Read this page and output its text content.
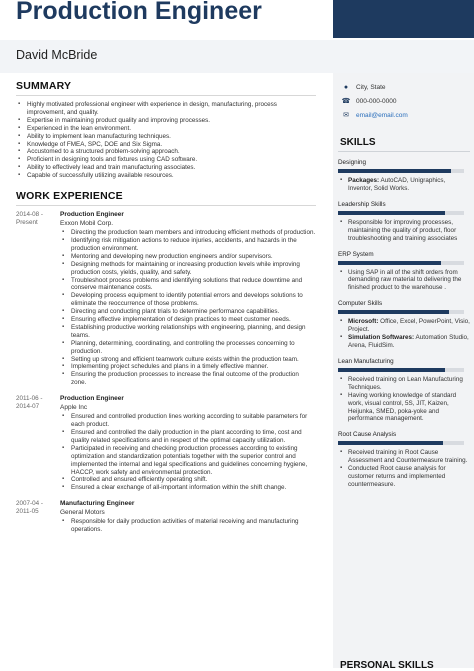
Production Engineer
David McBride
● City, State
☎ 000-000-0000
✉ email@email.com
SUMMARY
▪ Highly motivated professional engineer with experience in design, manufacturing, process improvement, and quality.
▪ Expertise in maintaining product quality and improving processes.
▪ Experienced in the lean environment.
▪ Ability to implement lean manufacturing techniques.
▪ Knowledge of FMEA, SPC, DOE and Six Sigma.
▪ Accustomed to a structured problem-solving approach.
▪ Proficient in designing tools and fixtures using CAD software.
▪ Ability to effectively lead and train manufacturing associates.
▪ Capable of successfully utilizing available resources.
WORK EXPERIENCE
2014-08 - Present
Production Engineer
Exxon Mobil Corp.
▪ Directing the production team members and introducing efficient methods of production.
▪ Identifying risk mitigation actions to reduce injuries, accidents, and hazards in the production environment.
▪ Mentoring and developing new production engineers and/or supervisors.
▪ Designing methods for maintaining or increasing production levels while improving production costs, yields, quality, and safety.
▪ Troubleshoot process problems and identifying solutions that reduce downtime and conserve maintenance costs.
▪ Developing process equipment to identify potential errors and develops solutions to eliminate the reoccurrence of those problems.
▪ Directing and conducting plant trials to determine performance capabilities.
▪ Ensuring effective implementation of design practices to meet customer needs.
▪ Establishing productive working relationships with engineering, planning, and design teams.
▪ Planning, determining, coordinating, and controlling the processes concerning to production.
▪ Setting up strong and efficient teamwork culture exists within the production team.
▪ Implementing project schedules and plans in a timely effective manner.
▪ Ensuring the production processes to increase the final outcome of the production zone.
2011-06 - 2014-07
Production Engineer
Apple Inc
▪ Ensured and controlled production lines working according to suitable parameters for each product.
▪ Ensured and controlled the daily production in the plant according to time, cost and quality related specifications and in respect of the optimal capacity utilization.
▪ Participated in receiving and checking production processes according to existing optimization and standardization potentials together with the superior control and implemented the internal and legal specifications and guidelines concerning hygiene, HACCP, work safety and environmental protection.
▪ Controlled and ensured efficiently operating shift.
▪ Ensured a clear exchange of all-important information within the shift change.
2007-04 - 2011-05
Manufacturing Engineer
General Motors
▪ Responsible for daily production activities of material receiving and manufacturing operations.
SKILLS
Designing
▪ Packages: AutoCAD, Unigraphics, Inventor, Solid Works.
Leadership Skills
▪ Responsible for improving processes, maintaining the quality of product, floor troubleshooting and training associates
ERP System
▪ Using SAP in all of the shift orders from demanding raw material to delivering the finished product to the warehouse .
Computer Skills
▪ Microsoft: Office, Excel, PowerPoint, Visio, Project.
▪ Simulation Softwares: Automation Studio, Arena, FluidSim.
Lean Manufacturing
▪ Received training on Lean Manufacturing Techniques.
▪ Having working knowledge of standard work, visual control, 5S, JIT, Kaizen, Heijunka, SMED, poka-yoke and performance management.
Root Cause Analysis
▪ Received training in Root Cause Assessment and Countermeasure training.
▪ Conducted Root cause analysis for customer returns and implemented countermeasure.
PERSONAL SKILLS
